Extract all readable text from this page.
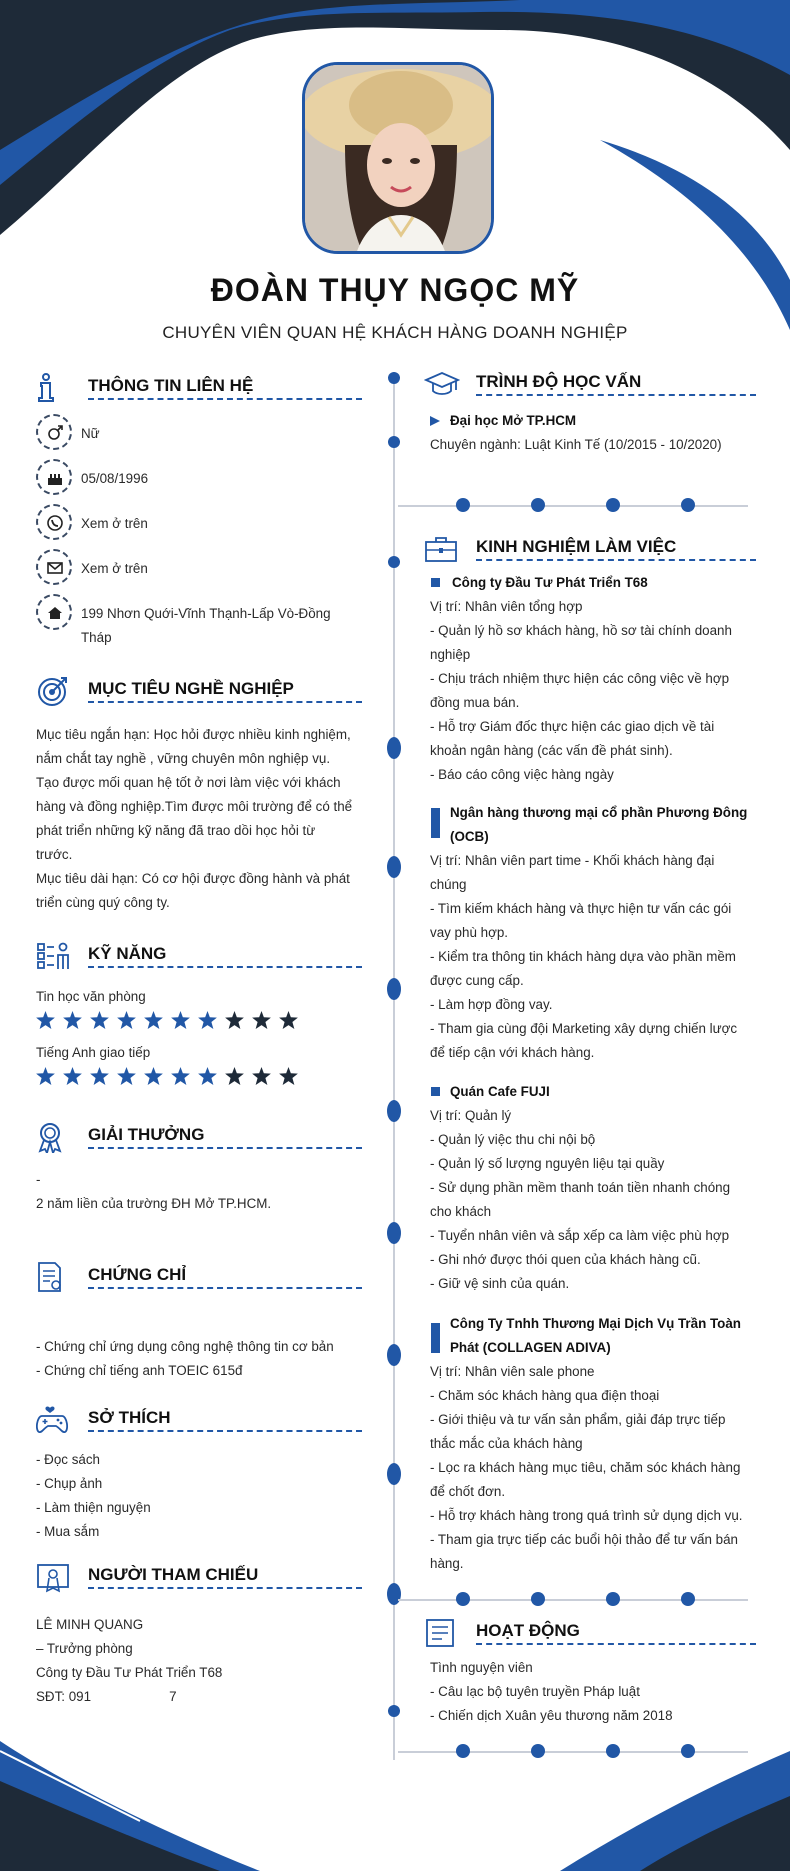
ĐOÀN THỤY NGỌC MỸ
CHUYÊN VIÊN QUAN HỆ KHÁCH HÀNG DOANH NGHIỆP
THÔNG TIN LIÊN HỆ
Nữ
05/08/1996
Xem ở trên
Xem ở trên

199 Nhơn Quới-Vĩnh Thạnh-Lấp Vò-Đồng

Tháp

MỤC TIÊU NGHỀ NGHIỆP

Mục tiêu ngắn hạn: Học hỏi được nhiều kinh nghiệm,

nắm chắt tay nghề , vững chuyên môn nghiệp vụ.

Tạo được mối quan hệ tốt ở nơi làm việc với khách

hàng và đồng nghiệp.Tìm được môi trường để có thể

phát triển những kỹ năng đã trao dồi học hỏi từ

trước.

Mục tiêu dài hạn: Có cơ hội được đồng hành và phát

triển cùng quý công ty.

KỸ NĂNG
Tin học văn phòng
Tiếng Anh giao tiếp
GIẢI THƯỞNG

-

2 năm liền của trường ĐH Mở TP.HCM.

CHỨNG CHỈ

- Chứng chỉ ứng dụng công nghệ thông tin cơ bản

- Chứng chỉ tiếng anh TOEIC 615đ

SỞ THÍCH

- Đọc sách

- Chụp ảnh

- Làm thiện nguyện

- Mua sắm

NGƯỜI THAM CHIẾU

LÊ MINH QUANG

– Trưởng phòng

Công ty Đầu Tư Phát Triển T68

SĐT: 091	7

TRÌNH ĐỘ HỌC VẤN
Đại học Mở TP.HCM
Chuyên ngành: Luật Kinh Tế (10/2015 - 10/2020)
KINH NGHIỆM LÀM VIỆC
Công ty Đầu Tư Phát Triển T68

Vị trí: Nhân viên tổng hợp

- Quản lý hồ sơ khách hàng, hồ sơ tài chính doanh

nghiệp

- Chịu trách nhiệm thực hiện các công việc về hợp

đồng mua bán.

- Hỗ trợ Giám đốc thực hiện các giao dịch về tài

khoản ngân hàng (các vấn đề phát sinh).

- Báo cáo công việc hàng ngày

Ngân hàng thương mại cổ phần Phương Đông

(OCB)

Vị trí: Nhân viên part time - Khối khách hàng đại

chúng

- Tìm kiếm khách hàng và thực hiện tư vấn các gói

vay phù hợp.

- Kiểm tra thông tin khách hàng dựa vào phần mềm

được cung cấp.

- Làm hợp đồng vay.

- Tham gia cùng đội Marketing xây dựng chiến lược

để tiếp cận với khách hàng.

Quán Cafe FUJI

Vị trí: Quản lý

- Quản lý việc thu chi nội bộ

- Quản lý số lượng nguyên liệu tại quầy

- Sử dụng phần mềm thanh toán tiền nhanh chóng

cho khách

- Tuyển nhân viên và sắp xếp ca làm việc phù hợp

- Ghi nhớ được thói quen của khách hàng cũ.

- Giữ vệ sinh của quán.

Công Ty Tnhh Thương Mại Dịch Vụ Trần Toàn

Phát (COLLAGEN ADIVA)

Vị trí: Nhân viên sale phone

- Chăm sóc khách hàng qua điện thoại

- Giới thiệu và tư vấn sản phẩm, giải đáp trực tiếp

thắc mắc của khách hàng

- Lọc ra khách hàng mục tiêu, chăm sóc khách hàng

để chốt đơn.

- Hỗ trợ khách hàng trong quá trình sử dụng dịch vụ.

- Tham gia trực tiếp các buổi hội thảo để tư vấn bán

hàng.

HOẠT ĐỘNG

Tình nguyện viên

- Câu lạc bộ tuyên truyền Pháp luật

- Chiến dịch Xuân yêu thương năm 2018
